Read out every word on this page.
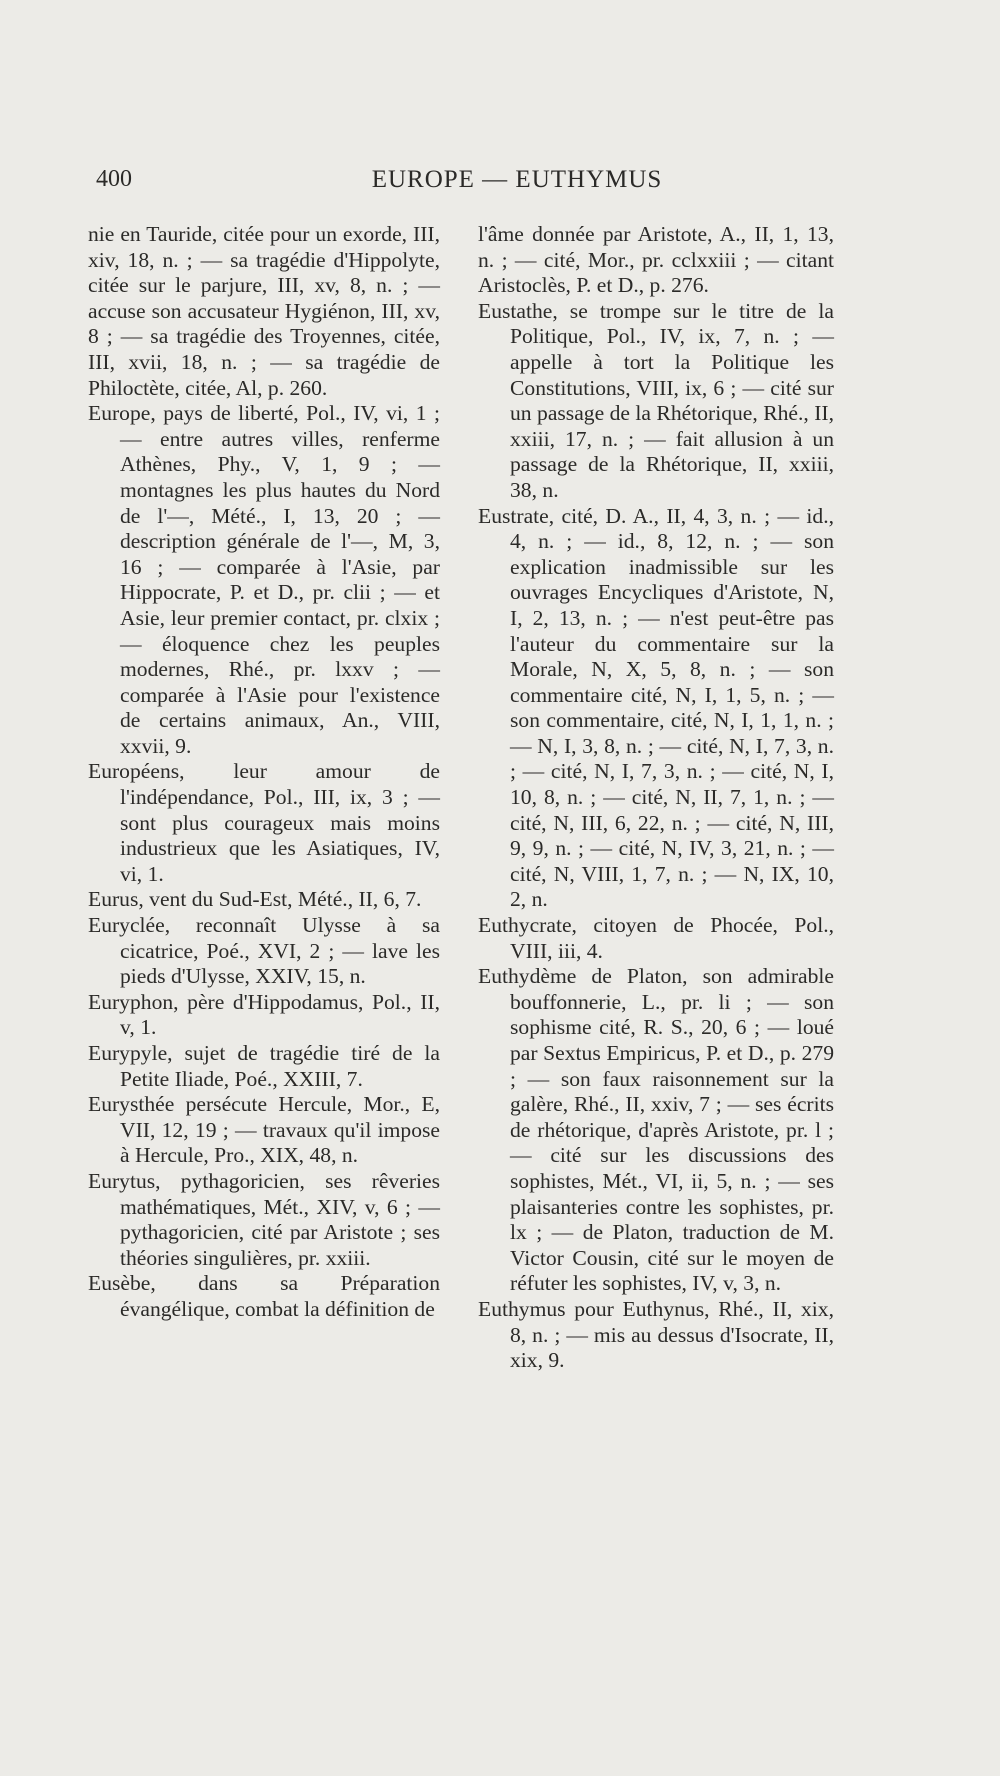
400	EUROPE — EUTHYMUS

nie en Tauride, citée pour un exorde, III, xiv, 18, n. ; — sa tragédie d'Hippolyte, citée sur le parjure, III, xv, 8, n. ; — accuse son accusateur Hygiénon, III, xv, 8 ; — sa tragédie des Troyennes, citée, III, xvii, 18, n. ; — sa tragédie de Philoctète, citée, Al, p. 260.

Europe, pays de liberté, Pol., IV, vi, 1 ; — entre autres villes, renferme Athènes, Phy., V, 1, 9 ; — montagnes les plus hautes du Nord de l'—, Mété., I, 13, 20 ; — description générale de l'—, M, 3, 16 ; — comparée à l'Asie, par Hippocrate, P. et D., pr. clii ; — et Asie, leur premier contact, pr. clxix ; — éloquence chez les peuples modernes, Rhé., pr. lxxv ; — comparée à l'Asie pour l'existence de certains animaux, An., VIII, xxvii, 9.

Européens, leur amour de l'indépendance, Pol., III, ix, 3 ; — sont plus courageux mais moins industrieux que les Asiatiques, IV, vi, 1.

Eurus, vent du Sud-Est, Mété., II, 6, 7.

Euryclée, reconnaît Ulysse à sa cicatrice, Poé., XVI, 2 ; — lave les pieds d'Ulysse, XXIV, 15, n.

Euryphon, père d'Hippodamus, Pol., II, v, 1.

Eurypyle, sujet de tragédie tiré de la Petite Iliade, Poé., XXIII, 7.

Eurysthée persécute Hercule, Mor., E, VII, 12, 19 ; — travaux qu'il impose à Hercule, Pro., XIX, 48, n.

Eurytus, pythagoricien, ses rêveries mathématiques, Mét., XIV, v, 6 ; — pythagoricien, cité par Aristote ; ses théories singulières, pr. xxiii.

Eusèbe, dans sa Préparation évangélique, combat la définition de

l'âme donnée par Aristote, A., II, 1, 13, n. ; — cité, Mor., pr. cclxxiii ; — citant Aristoclès, P. et D., p. 276.

Eustathe, se trompe sur le titre de la Politique, Pol., IV, ix, 7, n. ; — appelle à tort la Politique les Constitutions, VIII, ix, 6 ; — cité sur un passage de la Rhétorique, Rhé., II, xxiii, 17, n. ; — fait allusion à un passage de la Rhétorique, II, xxiii, 38, n.

Eustrate, cité, D. A., II, 4, 3, n. ; — id., 4, n. ; — id., 8, 12, n. ; — son explication inadmissible sur les ouvrages Encycliques d'Aristote, N, I, 2, 13, n. ; — n'est peut-être pas l'auteur du commentaire sur la Morale, N, X, 5, 8, n. ; — son commentaire cité, N, I, 1, 5, n. ; — son commentaire, cité, N, I, 1, 1, n. ; — N, I, 3, 8, n. ; — cité, N, I, 7, 3, n. ; — cité, N, I, 7, 3, n. ; — cité, N, I, 10, 8, n. ; — cité, N, II, 7, 1, n. ; — cité, N, III, 6, 22, n. ; — cité, N, III, 9, 9, n. ; — cité, N, IV, 3, 21, n. ; — cité, N, VIII, 1, 7, n. ; — N, IX, 10, 2, n.

Euthycrate, citoyen de Phocée, Pol., VIII, iii, 4.

Euthydème de Platon, son admirable bouffonnerie, L., pr. li ; — son sophisme cité, R. S., 20, 6 ; — loué par Sextus Empiricus, P. et D., p. 279 ; — son faux raisonnement sur la galère, Rhé., II, xxiv, 7 ; — ses écrits de rhétorique, d'après Aristote, pr. l ; — cité sur les discussions des sophistes, Mét., VI, ii, 5, n. ; — ses plaisanteries contre les sophistes, pr. lx ; — de Platon, traduction de M. Victor Cousin, cité sur le moyen de réfuter les sophistes, IV, v, 3, n.

Euthymus pour Euthynus, Rhé., II, xix, 8, n. ; — mis au dessus d'Isocrate, II, xix, 9.
